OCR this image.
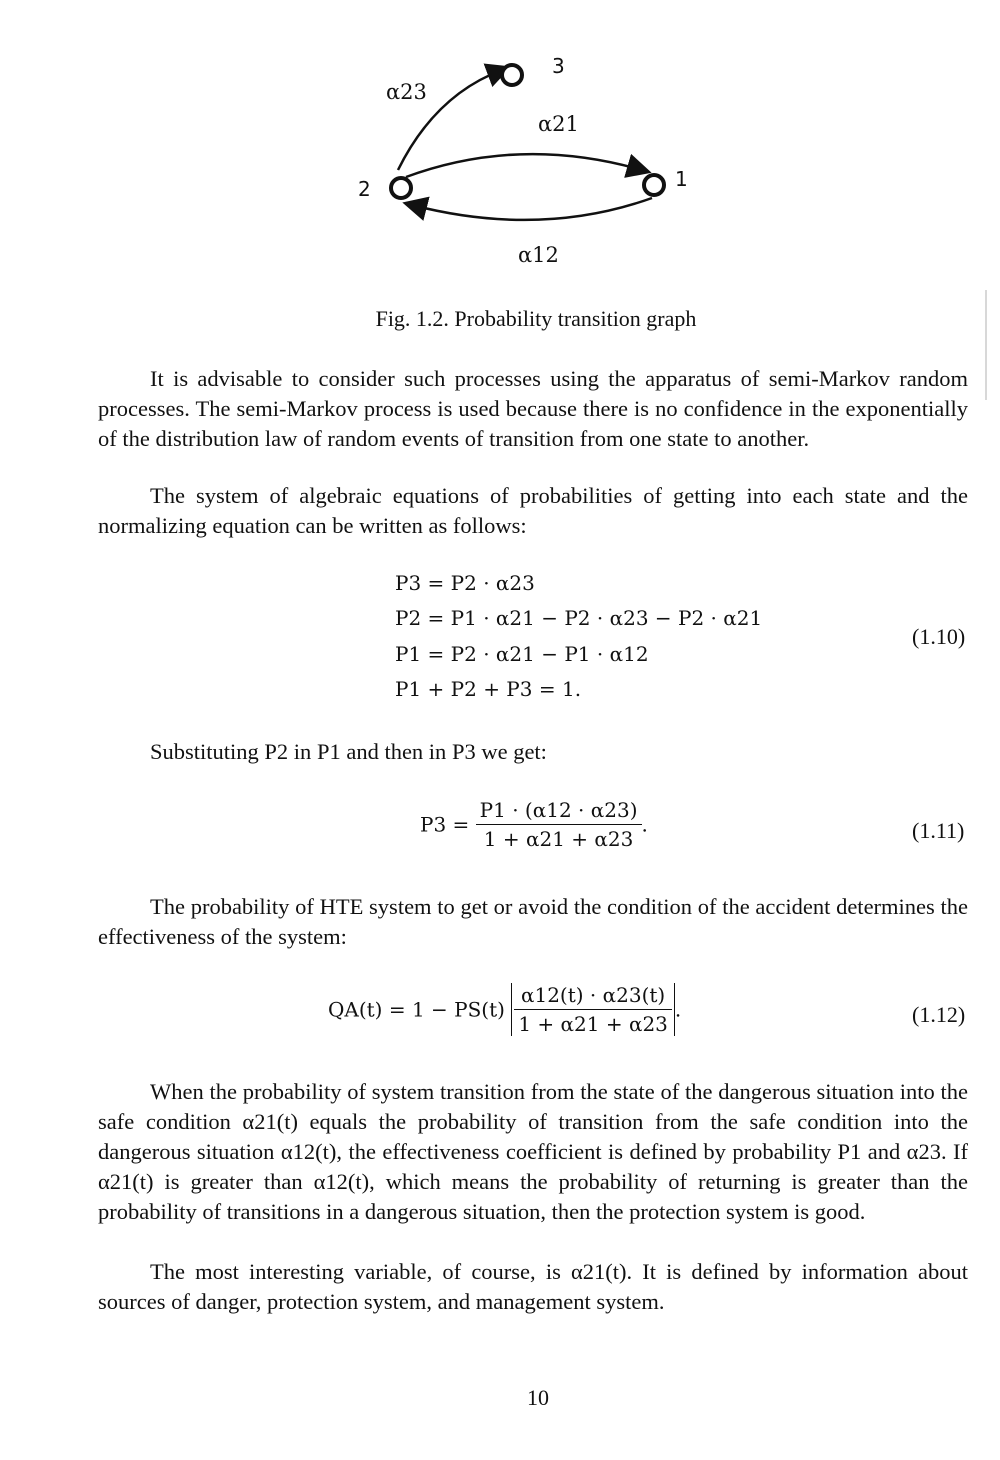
3
2	1
α23
α21
α12
Fig. 1.2. Probability transition graph
It is advisable to consider such processes using the apparatus of semi-Markov random processes. The semi-Markov process is used because there is no confidence in the exponentially of the distribution law of random events of transition from one state to another.
The system of algebraic equations of probabilities of getting into each state and the normalizing equation can be written as follows:
P3 = P2 · α23
P2 = P1 · α21 − P2 · α23 − P2 · α21
P1 = P2 · α21 − P1 · α12
P1 + P2 + P3 = 1.
(1.10)
Substituting P2 in P1 and then in P3 we get:
$P3 = \frac{P1 \cdot (\alpha 12 \cdot \alpha 23)}{1 + \alpha 21 + \alpha 23}$ .	(1.11)
The probability of HTE system to get or avoid the condition of the accident determines the effectiveness of the system:
$QA(t) = 1 - PS(t) \frac{\alpha 12(t) \cdot \alpha 23(t)}{1 + \alpha 21 + \alpha 23}$ .	(1.12)
When the probability of system transition from the state of the dangerous situation into the safe condition α21(t) equals the probability of transition from the safe condition into the dangerous situation α12(t), the effectiveness coefficient is defined by probability P1 and α23. If α21(t) is greater than α12(t), which means the probability of returning is greater than the probability of transitions in a dangerous situation, then the protection system is good.
The most interesting variable, of course, is α21(t). It is defined by information about sources of danger, protection system, and management system.
10
